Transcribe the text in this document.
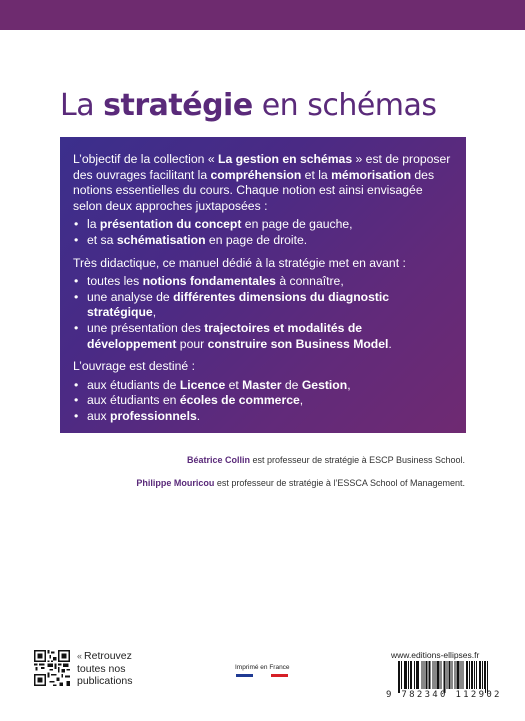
La stratégie en schémas

L’objectif de la collection « La gestion en schémas » est de proposer des ouvrages facilitant la compréhension et la mémorisation des notions essentielles du cours. Chaque notion est ainsi envisagée selon deux approches juxtaposées :

• la présentation du concept en page de gauche,
• et sa schématisation en page de droite.

Très didactique, ce manuel dédié à la stratégie met en avant :

• toutes les notions fondamentales à connaître,
• une analyse de différentes dimensions du diagnostic stratégique,
• une présentation des trajectoires et modalités de développement pour construire son Business Model.

L’ouvrage est destiné :

• aux étudiants de Licence et Master de Gestion,
• aux étudiants en écoles de commerce,
• aux professionnels.
Béatrice Collin est professeur de stratégie à ESCP Business School.
Philippe Mouricou est professeur de stratégie à l’ESSCA School of Management.
« Retrouvez
toutes nos
publications
Imprimé en France
www.editions-ellipses.fr
9 782340 112902
